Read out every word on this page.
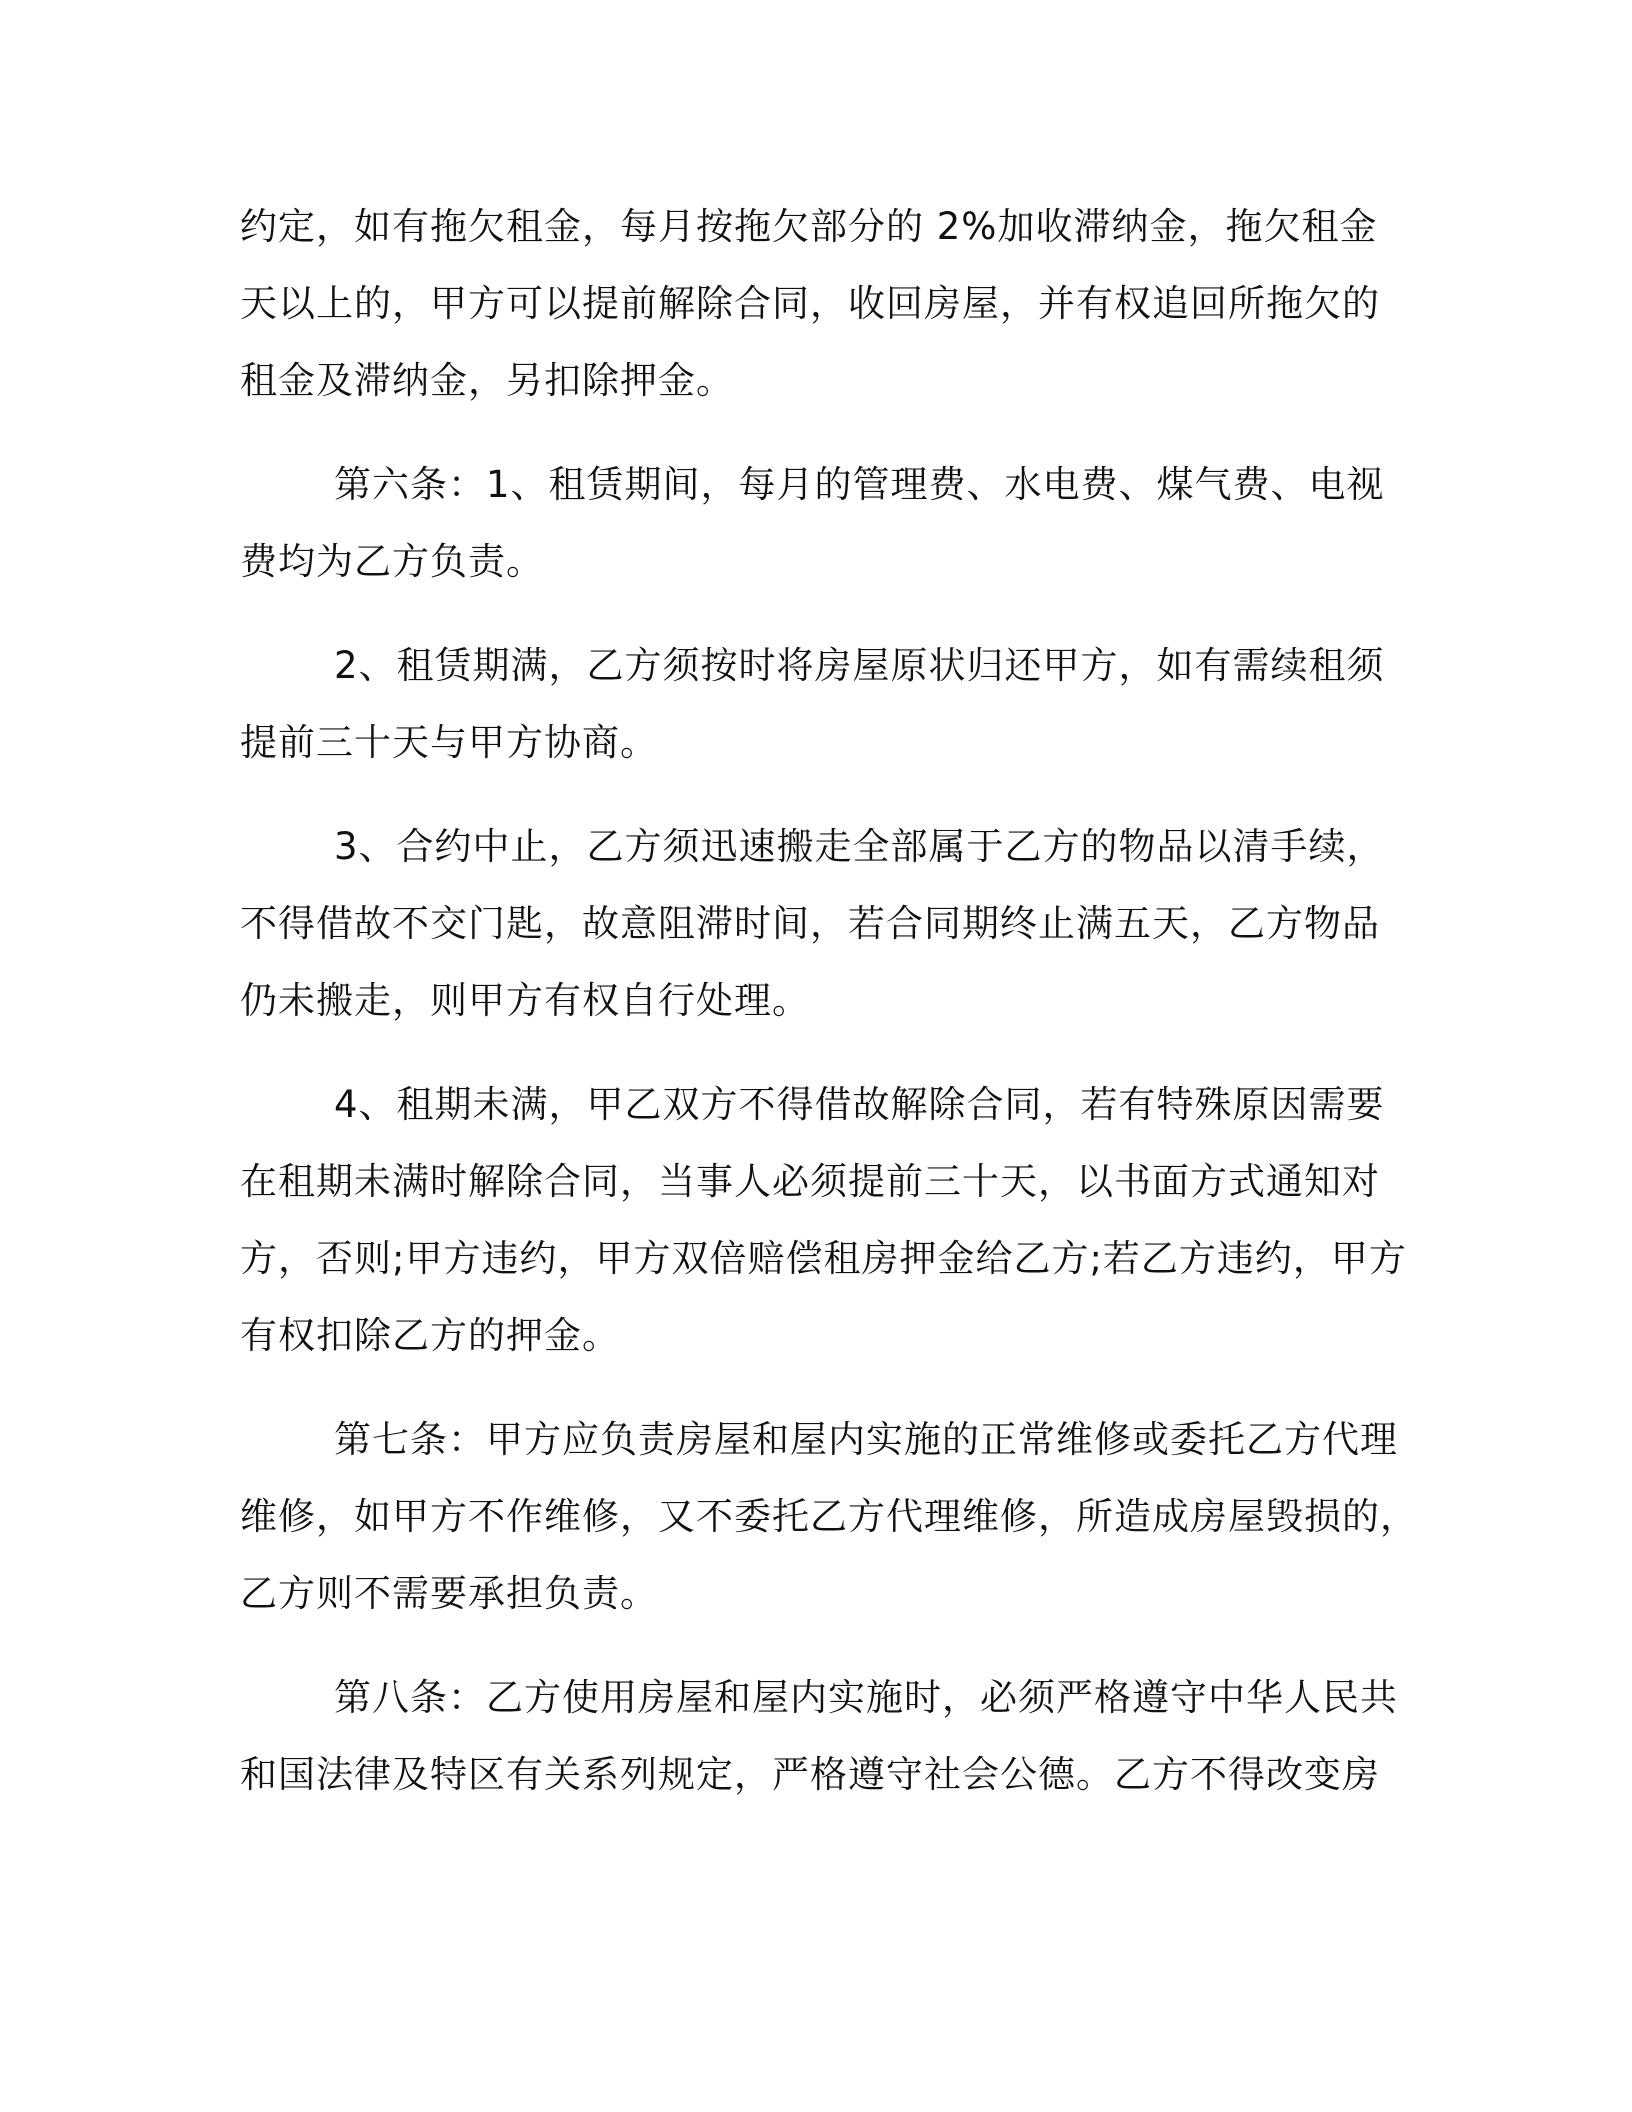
约定，如有拖欠租金，每月按拖欠部分的 2%加收滞纳金，拖欠租金
天以上的，甲方可以提前解除合同，收回房屋，并有权追回所拖欠的
租金及滞纳金，另扣除押金。

第六条：1、租赁期间，每月的管理费、水电费、煤气费、电视
费均为乙方负责。

2、租赁期满，乙方须按时将房屋原状归还甲方，如有需续租须
提前三十天与甲方协商。

3、合约中止，乙方须迅速搬走全部属于乙方的物品以清手续，
不得借故不交门匙，故意阻滞时间，若合同期终止满五天，乙方物品
仍未搬走，则甲方有权自行处理。

4、租期未满，甲乙双方不得借故解除合同，若有特殊原因需要
在租期未满时解除合同，当事人必须提前三十天，以书面方式通知对
方，否则;甲方违约，甲方双倍赔偿租房押金给乙方;若乙方违约，甲方
有权扣除乙方的押金。

第七条：甲方应负责房屋和屋内实施的正常维修或委托乙方代理
维修，如甲方不作维修，又不委托乙方代理维修，所造成房屋毁损的，
乙方则不需要承担负责。

第八条：乙方使用房屋和屋内实施时，必须严格遵守中华人民共
和国法律及特区有关系列规定，严格遵守社会公德。乙方不得改变房
